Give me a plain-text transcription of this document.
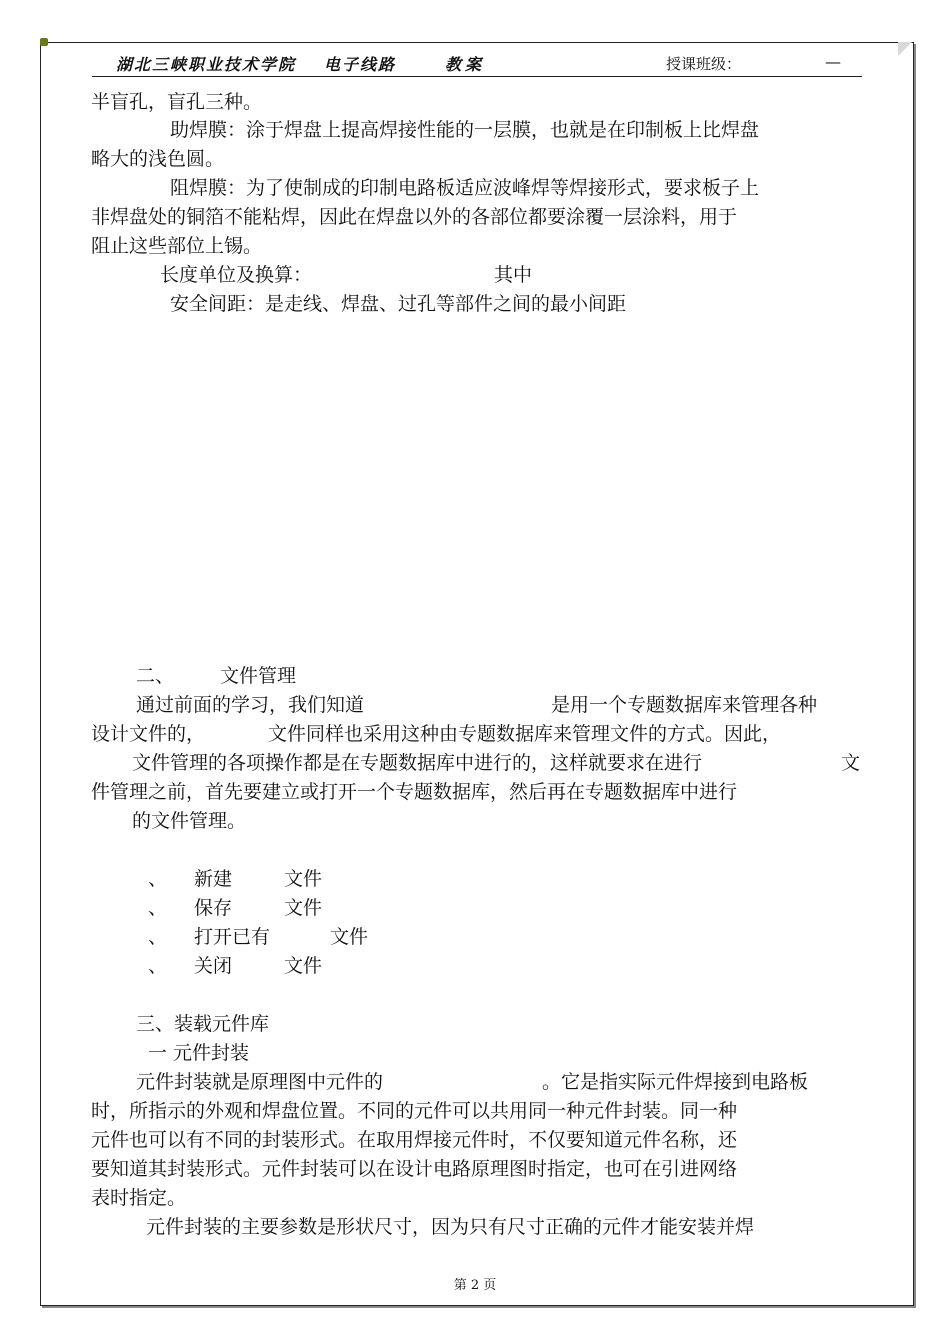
湖北三峡职业技术学院 电子线路	教案	授课班级：	—
半盲孔，盲孔三种。
助焊膜：涂于焊盘上提高焊接性能的一层膜，也就是在印制板上比焊盘
略大的浅色圆。
阻焊膜：为了使制成的印制电路板适应波峰焊等焊接形式，要求板子上
非焊盘处的铜箔不能粘焊，因此在焊盘以外的各部位都要涂覆一层涂料，用于
阻止这些部位上锡。
长度单位及换算：	其中
安全间距：是走线、焊盘、过孔等部件之间的最小间距
二、 文件管理
通过前面的学习，我们知道	是用一个专题数据库来管理各种
设计文件的，	文件同样也采用这种由专题数据库来管理文件的方式。因此，
文件管理的各项操作都是在专题数据库中进行的，这样就要求在进行	文
件管理之前，首先要建立或打开一个专题数据库，然后再在专题数据库中进行
的文件管理。
、 新建	文件
、 保存	文件
、 打开已有	文件
、 关闭	文件
三、装载元件库
一 元件封装
元件封装就是原理图中元件的	。它是指实际元件焊接到电路板
时，所指示的外观和焊盘位置。不同的元件可以共用同一种元件封装。同一种
元件也可以有不同的封装形式。在取用焊接元件时，不仅要知道元件名称，还
要知道其封装形式。元件封装可以在设计电路原理图时指定，也可在引进网络
表时指定。
元件封装的主要参数是形状尺寸，因为只有尺寸正确的元件才能安装并焊
第 2 页
